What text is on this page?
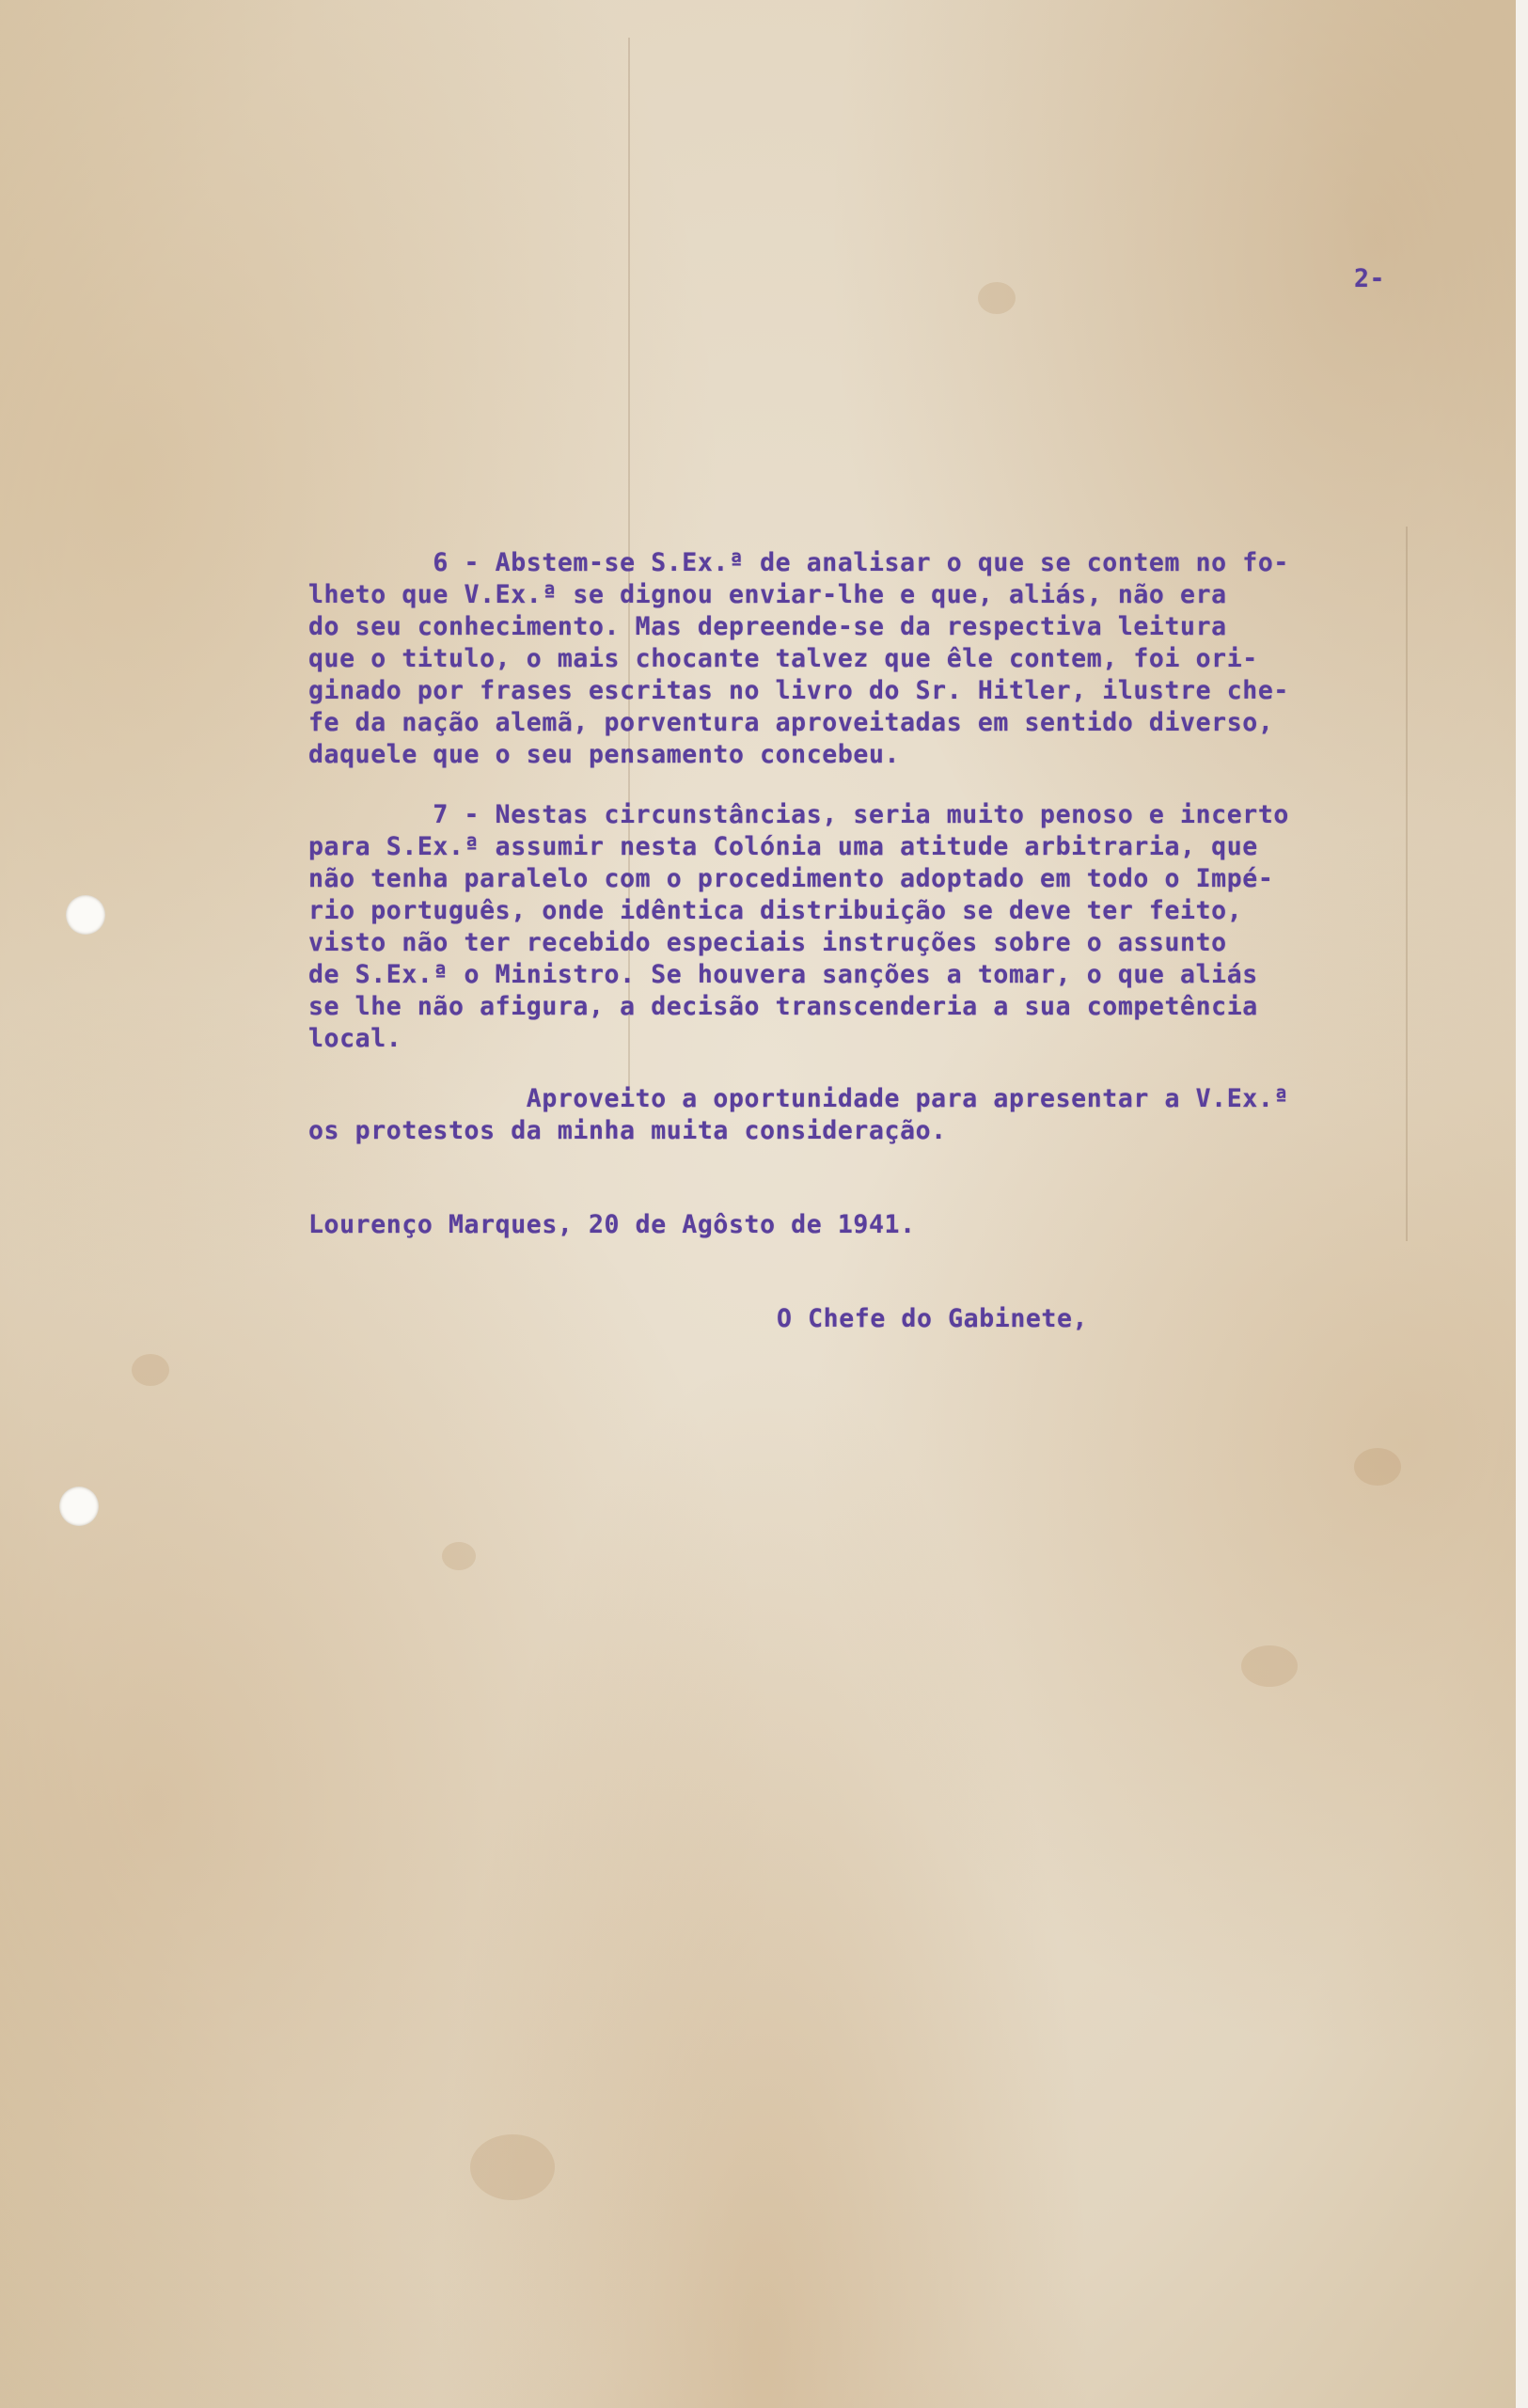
2-
6 - Abstem-se S.Ex.ª de analisar o que se contem no fo-
lheto que V.Ex.ª se dignou enviar-lhe e que, aliás, não era
do seu conhecimento. Mas depreende-se da respectiva leitura
que o titulo, o mais chocante talvez que êle contem, foi ori-
ginado por frases escritas no livro do Sr. Hitler, ilustre che-
fe da nação alemã, porventura aproveitadas em sentido diverso,
daquele que o seu pensamento concebeu.
7 - Nestas circunstâncias, seria muito penoso e incerto
para S.Ex.ª assumir nesta Colónia uma atitude arbitraria, que
não tenha paralelo com o procedimento adoptado em todo o Impé-
rio português, onde idêntica distribuição se deve ter feito,
visto não ter recebido especiais instruções sobre o assunto
de S.Ex.ª o Ministro. Se houvera sanções a tomar, o que aliás
se lhe não afigura, a decisão transcenderia a sua competência
local.
Aproveito a oportunidade para apresentar a V.Ex.ª
os protestos da minha muita consideração.
Lourenço Marques, 20 de Agôsto de 1941.
O Chefe do Gabinete,
